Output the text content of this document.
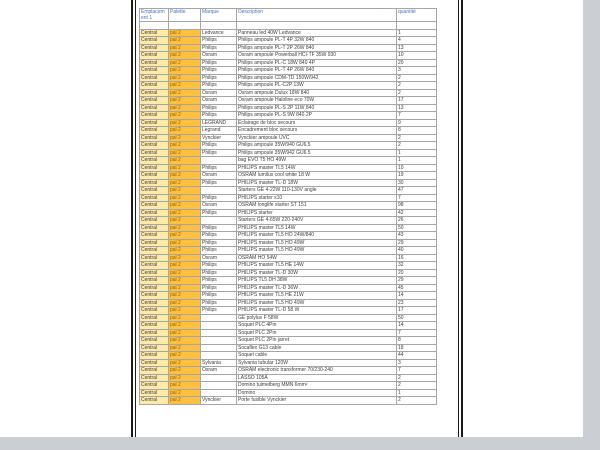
Emplacement 1	Palette	Marque	Description	quantité

Central	pal 2	Ledvance	Panneau led 40W Ledvance	1
Central	pal 2	Philips	Philips ampoule PL-T 4P 32W 840	4
Central	pal 2	Philips	Philips ampoule PL-T 2P 26W 840	13
Central	pal 2	Osram	Osram ampoule Powerball HCI-TF 35W 930	10
Central	pal 2	Philips	Philips ampoule PL-C 18W 840 4P	20
Central	pal 2	Philips	Philips ampoule PL-T 4P 26W 840	3
Central	pal 2	Philips	Philips ampoule CDM-TD 150W/942	2
Central	pal 2	Philips	Philips ampoule PL-C2P 13W	2
Central	pal 2	Osram	Osram ampoule Dulux 18W 840	2
Central	pal 2	Osram	Osram ampoule Haloline eco 70W	17
Central	pal 2	Philips	Philips ampoule PL-S 2P 11W 840	13
Central	pal 2	Philips	Philips ampoule PL-S 9W 840 2P	7
Central	pal 2	LEGRAND	Eclairage de bloc secours	9
Central	pal 2	Legrand	Encadrement bloc secours	8
Central	pal 2	Vynckier	Vynckier ampoule UVC	2
Central	pal 2	Philips	Philips ampoule 35W/940 GU6.5	2
Central	pal 2	Philips	Philips ampoule 35W/942 GU6.5	1
Central	pal 2		bag EVO T5 HO 49W	1
Central	pal 2	Philips	PHILIPS master TL5 14W	10
Central	pal 2	Osram	OSRAM lumilux cool white 18 W	19
Central	pal 2	Philips	PHILIPS master TL-D 18W	30
Central	pal 2		Starters GE 4-22W 110-130V angle	47
Central	pal 2	Philips	PHILIPS starter s10	7
Central	pal 2	Osram	OSRAM longlife starter ST 151	98
Central	pal 2	Philips	PHILIPS starter	42
Central	pal 2		Starters GE 4-65W 220-240V	26
Central	pal 2	Philips	PHILIPS master TL5 14W	50
Central	pal 2	Philips	PHILIPS master TL5 HO 24W/840	43
Central	pal 2	Philips	PHILIPS master TL5 HO 49W	29
Central	pal 2	Philips	PHILIPS master TL5 HO 49W	40
Central	pal 2	Osram	OSRAM HO 54W	16
Central	pal 2	Philips	PHILIPS master TL5 HE 14W	32
Central	pal 2	Philips	PHILIPS master TL-D 30W	20
Central	pal 2	Philips	PHILIPS TL5 DH 38W	29
Central	pal 2	Philips	PHILIPS master TL-D 36W	45
Central	pal 2	Philips	PHILIPS master TL5 HE 21W	14
Central	pal 2	Philips	PHILIPS master TL5 HO 49W	23
Central	pal 2	Philips	PHILIPS master TL-D 58 W	17
Central	pal 2		GE polylux F 58W	50
Central	pal 2		Soquet PLC 4Pin	14
Central	pal 2		Soquet PLC 2Pin	7
Central	pal 2		Soquet PLC 2Pin jarret	8
Central	pal 2		Socaflex G13 cable	18
Central	pal 2		Soquet cable	44
Central	pal 2	Sylvania	Sylvania tubular 120W	3
Central	pal 2	Osram	OSRAM electronic transformer 70/230-240	7
Central	pal 2		LASSO 105A	2
Central	pal 2		Domino tuimelberg MMN 6mm²	2
Central	pal 2		Domino	1
Central	pal 2	Vynckier	Porte fusible Vynckier	2
